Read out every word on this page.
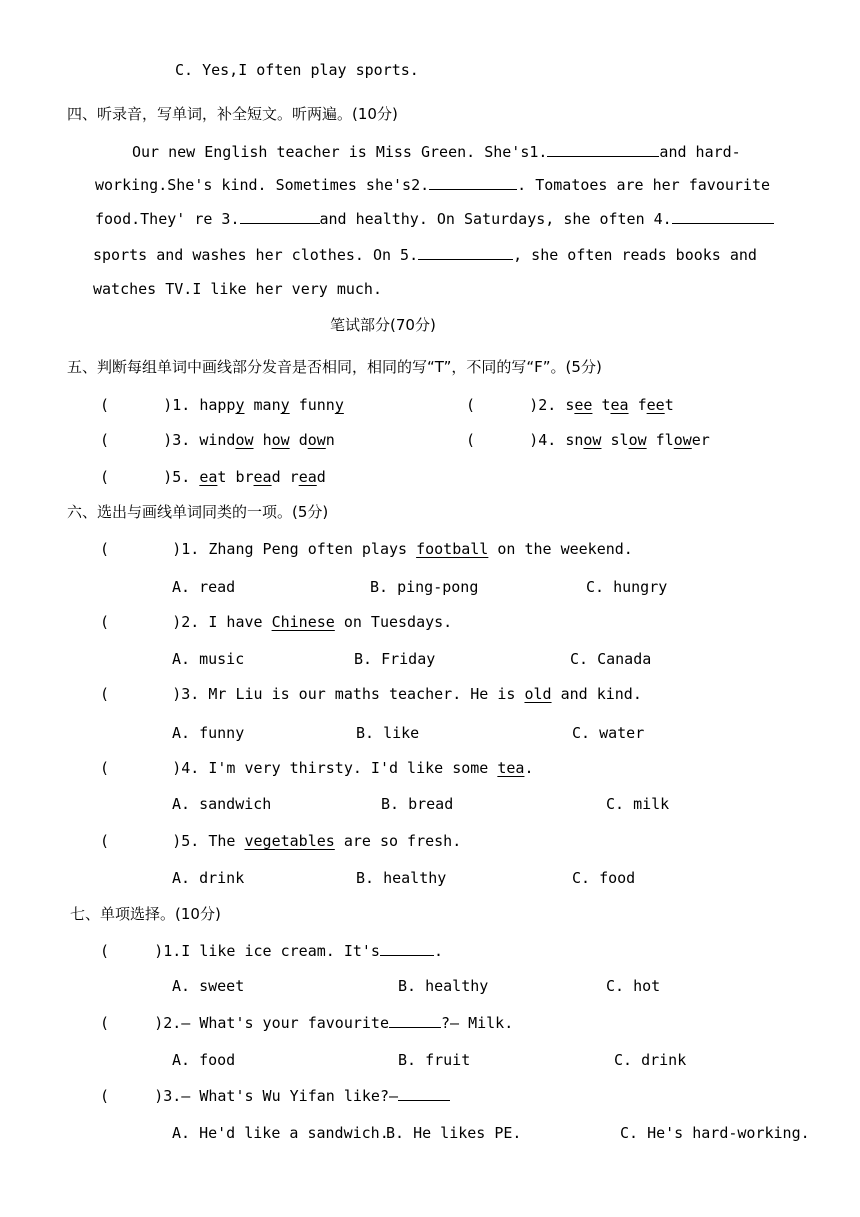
C. Yes,I often play sports.
四、听录音，写单词，补全短文。听两遍。(10分)
Our new English teacher is Miss Green. She's1.	and hard-
working.She's kind. Sometimes she's2.	. Tomatoes are her favourite
food.They' re 3.	and healthy. On Saturdays, she often 4.
sports and washes her clothes. On 5.	, she often reads books and
watches TV.I like her very much.
笔试部分(70分)
五、判断每组单词中画线部分发音是否相同，相同的写“T”，不同的写“F”。(5分)
(      )1. happy many funny	(      )2. see tea feet
(      )3. window how down	(      )4. snow slow flower
(      )5. eat bread read
六、选出与画线单词同类的一项。(5分)
(       )1. Zhang Peng often plays football on the weekend.
A. read	B. ping-pong	C. hungry
(       )2. I have Chinese on Tuesdays.
A. music	B. Friday	C. Canada
(       )3. Mr Liu is our maths teacher. He is old and kind.
A. funny	B. like	C. water
(       )4. I'm very thirsty. I'd like some tea.
A. sandwich	B. bread	C. milk
(       )5. The vegetables are so fresh.
A. drink	B. healthy	C. food
七、单项选择。(10分)
(     )1.I like ice cream. It's	.
A. sweet	B. healthy	C. hot
(     )2.— What's your favourite	?— Milk.
A. food	B. fruit	C. drink
(     )3.— What's Wu Yifan like?—
A. He'd like a sandwich.
B. He likes PE.	C. He's hard-working.
